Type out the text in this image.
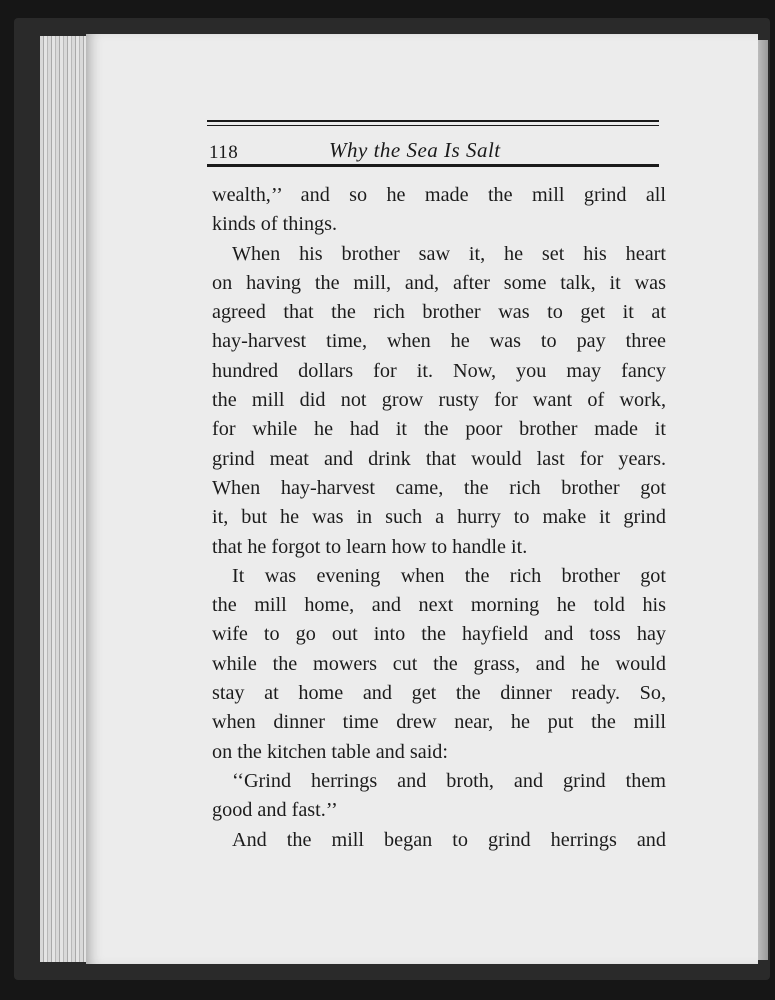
118	Why the Sea Is Salt
wealth,’’ and so he made the mill grind all
kinds of things.
When his brother saw it, he set his heart
on having the mill, and, after some talk, it was
agreed that the rich brother was to get it at
hay-harvest time, when he was to pay three
hundred dollars for it. Now, you may fancy
the mill did not grow rusty for want of work,
for while he had it the poor brother made it
grind meat and drink that would last for years.
When hay-harvest came, the rich brother got
it, but he was in such a hurry to make it grind
that he forgot to learn how to handle it.
It was evening when the rich brother got
the mill home, and next morning he told his
wife to go out into the hayfield and toss hay
while the mowers cut the grass, and he would
stay at home and get the dinner ready. So,
when dinner time drew near, he put the mill
on the kitchen table and said:
‘‘Grind herrings and broth, and grind them
good and fast.’’
And the mill began to grind herrings and
